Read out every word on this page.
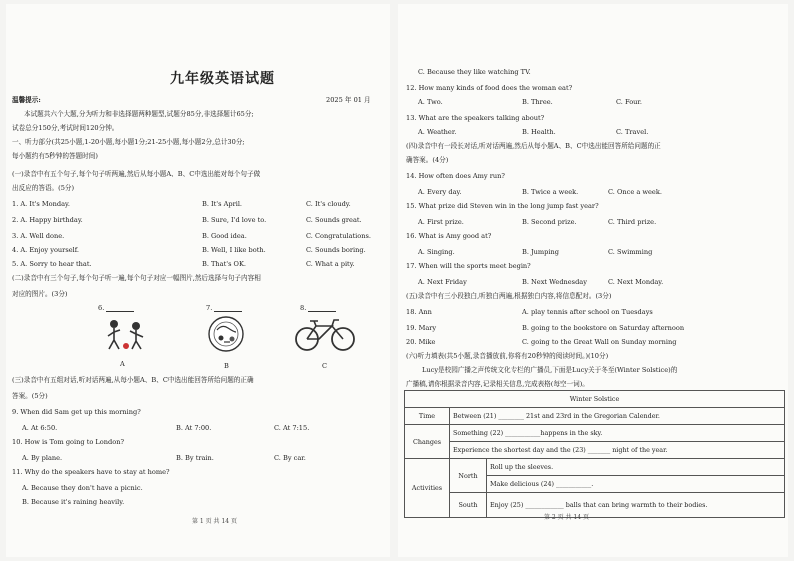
九年级英语试题
温馨提示:	2025 年 01 月
本试题共六个大题,分为听力和非选择题两种题型,试题分85分,非选择题计65分;
试卷总分150分,考试时间120分钟。
一、听力部分(共25小题,1-20小题,每小题1分;21-25小题,每小题2分,总计30分;
每小题约有5秒钟的答题时间)
(一)录音中有五个句子,每个句子听两遍,然后从每小题A、B、C中选出能对每个句子做
出反应的答语。(5分)
1. A. It's Monday.	B. It's April.	C. It's cloudy.
2. A. Happy birthday.	B. Sure, I'd love to.	C. Sounds great.
3. A. Well done.	B. Good idea.	C. Congratulations.
4. A. Enjoy yourself.	B. Well, I like both.	C. Sounds boring.
5. A. Sorry to hear that.	B. That's OK.	C. What a pity.
(二)录音中有三个句子,每个句子听一遍,每个句子对应一幅图片,然后选择与句子内容相
对应的图片。(3分)
6.	7.	8.
A	B	C
(三)录音中有五组对话,听对话两遍,从每小题A、B、C中选出能回答所给问题的正确
答案。(5分)
9. When did Sam get up this morning?
A. At 6:50.	B. At 7:00.	C. At 7:15.
10. How is Tom going to London?
A. By plane.	B. By train.	C. By car.
11. Why do the speakers have to stay at home?
A. Because they don't have a picnic.
B. Because it's raining heavily.
第 1 页 共 14 页
C. Because they like watching TV.
12. How many kinds of food does the woman eat?
A. Two.	B. Three.	C. Four.
13. What are the speakers talking about?
A. Weather.	B. Health.	C. Travel.
(四)录音中有一段长对话,听对话两遍,然后从每小题A、B、C中选出能回答所给问题的正
确答案。(4分)
14. How often does Amy run?
A. Every day.	B. Twice a week.	C. Once a week.
15. What prize did Steven win in the long jump fast year?
A. First prize.	B. Second prize.	C. Third prize.
16. What is Amy good at?
A. Singing.	B. Jumping	C. Swimming
17. When will the sports meet begin?
A. Next Friday	B. Next Wednesday	C. Next Monday.
(五)录音中有三小段独白,听独白两遍,根据独白内容,将信息配对。(3分)
18. Ann	A. play tennis after school on Tuesdays
19. Mary	B. going to the bookstore on Saturday afternoon
20. Mike	C. going to the Great Wall on Sunday morning
(六)听力填表(共5小题,录音播放前,你将有20秒钟的阅读时间。)(10分)
Lucy是校园广播之声传统文化专栏的广播员,下面是Lucy关于冬至(Winter Solstice)的
广播稿,请你根据录音内容,记录相关信息,完成表格(每空一词)。
Winter Solstice		
Time	Between (21) ________ 21st and 23rd in the Gregorian Calender.	
Changes	Something (22) ___________happens in the sky.	
	Experience the shortest day and the (23) _______ night of the year.	
Activities	North	Roll up the sleeves.
		Make delicious (24) ___________.
	South	Enjoy (25) ____________ balls that can bring warmth to their bodies.
第 2 页 共 14 页
